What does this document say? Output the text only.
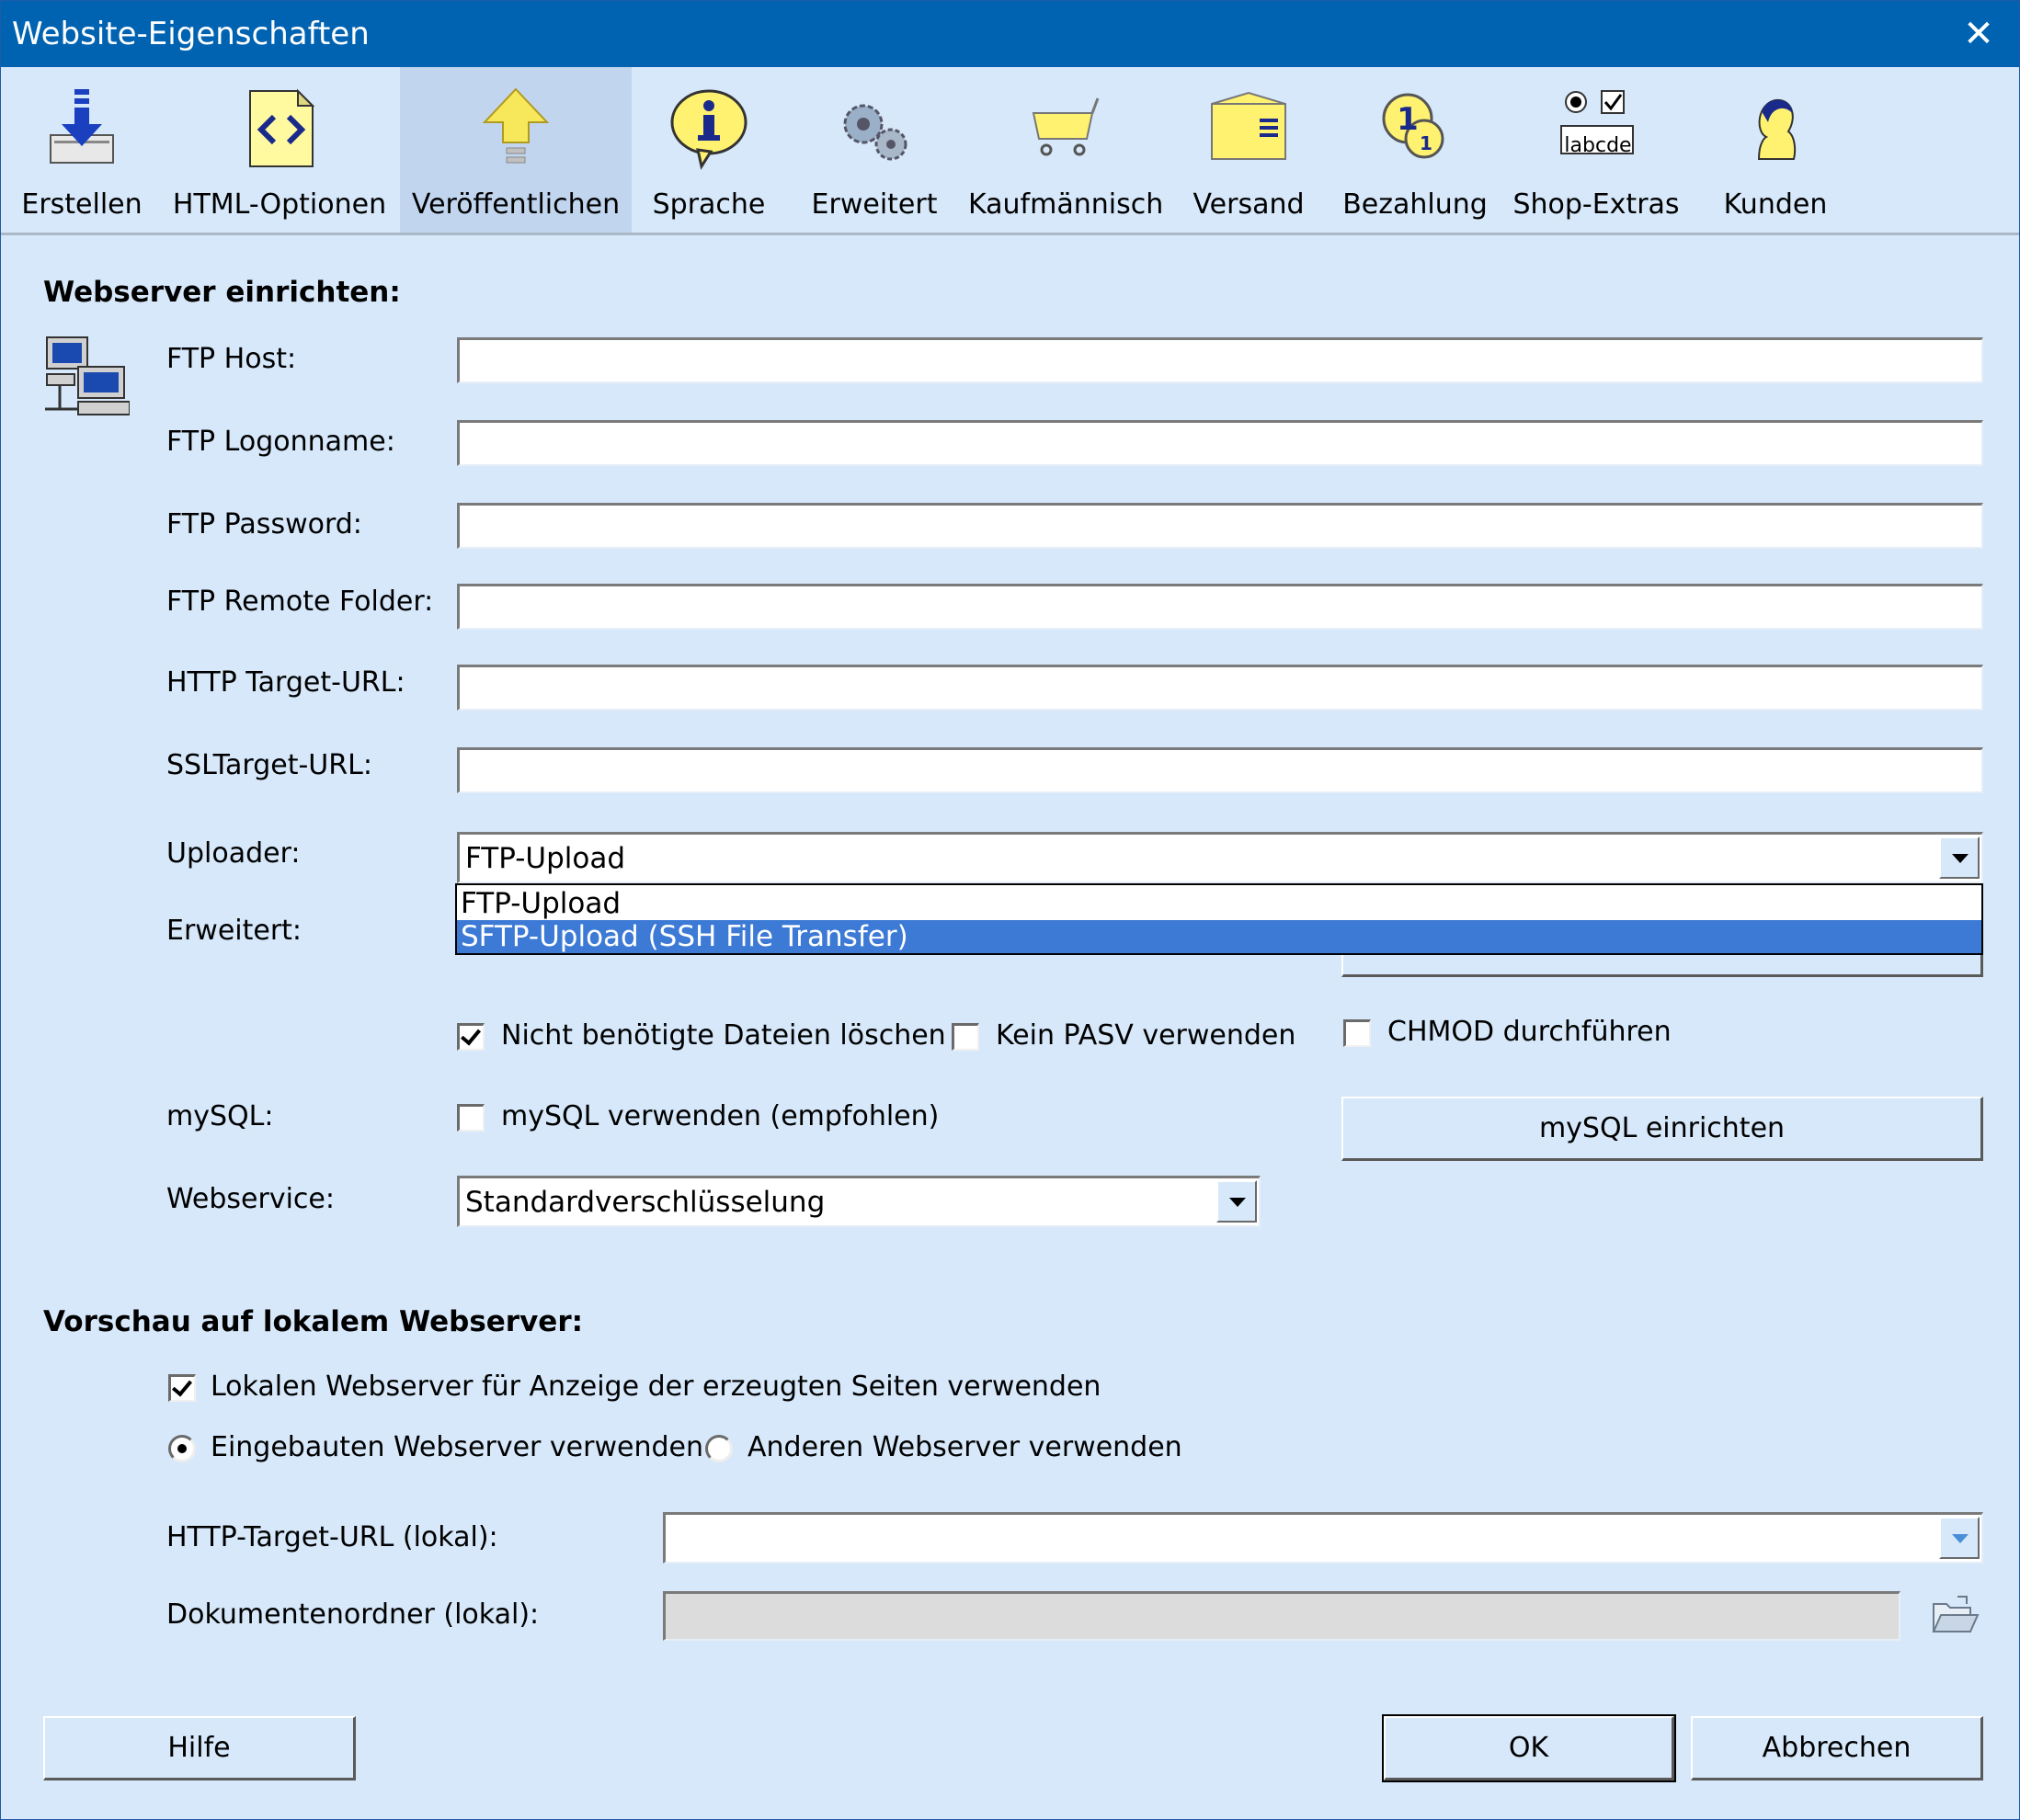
Website-Eigenschaften	✕
Erstellen	HTML-Optionen Veröffentlichen	Sprache	Erweitert	Kaufmännisch	Versand
1
1
Bezahlung
labcde
Shop-Extras	Kunden
Webserver einrichten:
FTP Host:
FTP Logonname:
FTP Password:
FTP Remote Folder:
HTTP Target-URL:
SSLTarget-URL:
Uploader:	FTP-Upload
Erweitert:
FTP-Upload
SFTP-Upload (SSH File Transfer)
Nicht benötigte Dateien löschen Kein PASV verwenden	CHMOD durchführen
mySQL:	mySQL verwenden (empfohlen)	mySQL einrichten
Webservice:	Standardverschlüsselung
Vorschau auf lokalem Webserver:
Lokalen Webserver für Anzeige der erzeugten Seiten verwenden
Eingebauten Webserver verwenden Anderen Webserver verwenden
HTTP-Target-URL (lokal):
Dokumentenordner (lokal):
Hilfe	OK	Abbrechen
